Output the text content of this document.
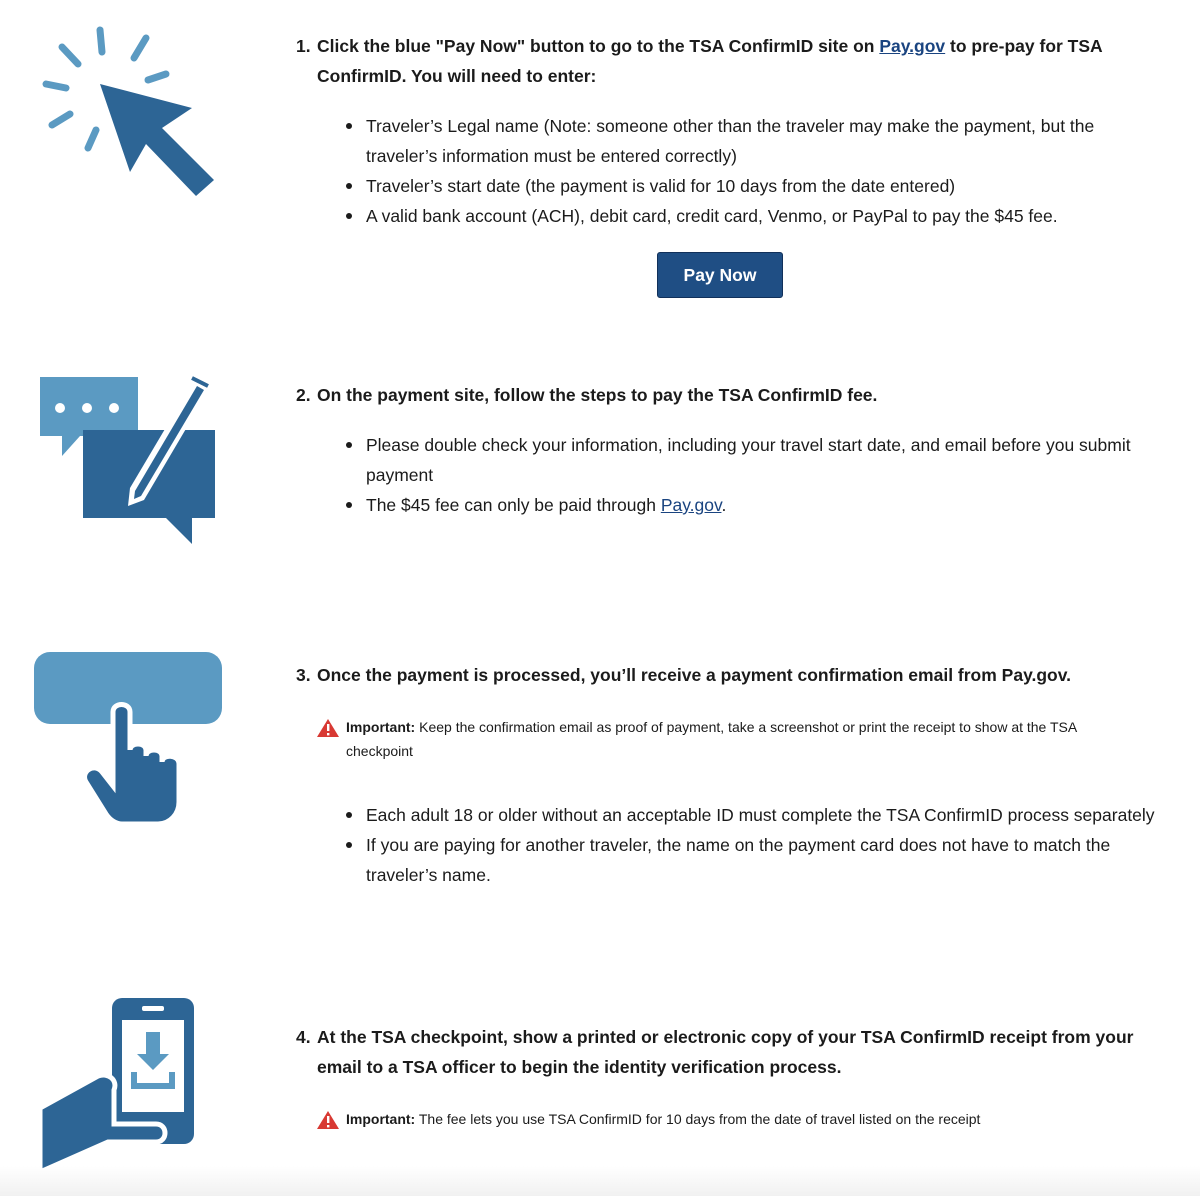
1. Click the blue "Pay Now" button to go to the TSA ConfirmID site on Pay.gov to pre-pay for TSA ConfirmID. You will need to enter:

Traveler’s Legal name (Note: someone other than the traveler may make the payment, but the traveler’s information must be entered correctly)
Traveler’s start date (the payment is valid for 10 days from the date entered)
A valid bank account (ACH), debit card, credit card, Venmo, or PayPal to pay the $45 fee.
Pay Now

2. On the payment site, follow the steps to pay the TSA ConfirmID fee.

Please double check your information, including your travel start date, and email before you submit payment
The $45 fee can only be paid through Pay.gov.

3. Once the payment is processed, you’ll receive a payment confirmation email from Pay.gov.

Important: Keep the confirmation email as proof of payment, take a screenshot or print the receipt to show at the TSA checkpoint
Each adult 18 or older without an acceptable ID must complete the TSA ConfirmID process separately
If you are paying for another traveler, the name on the payment card does not have to match the traveler’s name.

4. At the TSA checkpoint, show a printed or electronic copy of your TSA ConfirmID receipt from your email to a TSA officer to begin the identity verification process.

Important: The fee lets you use TSA ConfirmID for 10 days from the date of travel listed on the receipt
